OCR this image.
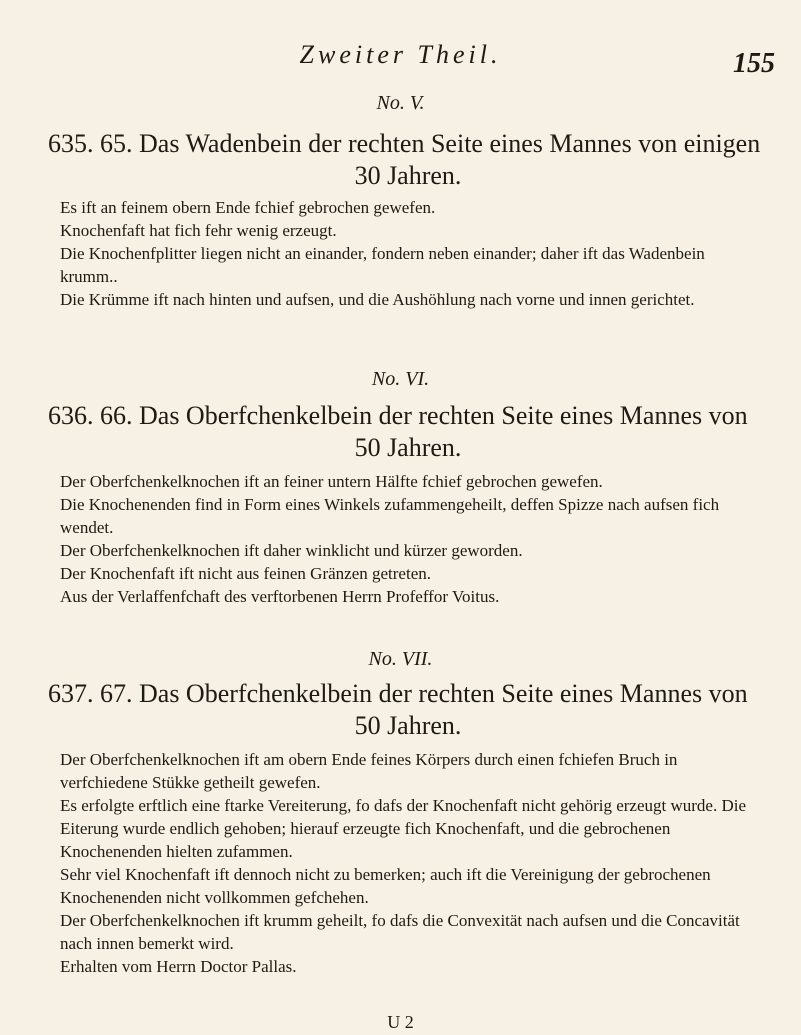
Zweiter Theil.	155
No. V.
635. 65. Das Wadenbein der rechten Seite eines Mannes von einigen
30 Jahren.

Es ift an feinem obern Ende fchief gebrochen gewefen.

Knochenfaft hat fich fehr wenig erzeugt.

Die Knochenfplitter liegen nicht an einander, fondern neben einander; daher ift das Wadenbein krumm..

Die Krümme ift nach hinten und aufsen, und die Aushöhlung nach vorne und innen gerichtet.

No. VI.
636. 66. Das Oberfchenkelbein der rechten Seite eines Mannes von
50 Jahren.

Der Oberfchenkelknochen ift an feiner untern Hälfte fchief gebrochen gewefen.

Die Knochenenden find in Form eines Winkels zufammengeheilt, deffen Spizze nach aufsen fich wendet.

Der Oberfchenkelknochen ift daher winklicht und kürzer geworden.

Der Knochenfaft ift nicht aus feinen Gränzen getreten.

Aus der Verlaffenfchaft des verftorbenen Herrn Profeffor Voitus.

No. VII.
637. 67. Das Oberfchenkelbein der rechten Seite eines Mannes von
50 Jahren.

Der Oberfchenkelknochen ift am obern Ende feines Körpers durch einen fchiefen Bruch in verfchiedene Stükke getheilt gewefen.

Es erfolgte erftlich eine ftarke Vereiterung, fo dafs der Knochenfaft nicht gehörig erzeugt wurde. Die Eiterung wurde endlich gehoben; hierauf erzeugte fich Knochenfaft, und die gebrochenen Knochenenden hielten zufammen.

Sehr viel Knochenfaft ift dennoch nicht zu bemerken; auch ift die Vereinigung der gebrochenen Knochenenden nicht vollkommen gefchehen.

Der Oberfchenkelknochen ift krumm geheilt, fo dafs die Convexität nach aufsen und die Concavität nach innen bemerkt wird.

Erhalten vom Herrn Doctor Pallas.

U 2
